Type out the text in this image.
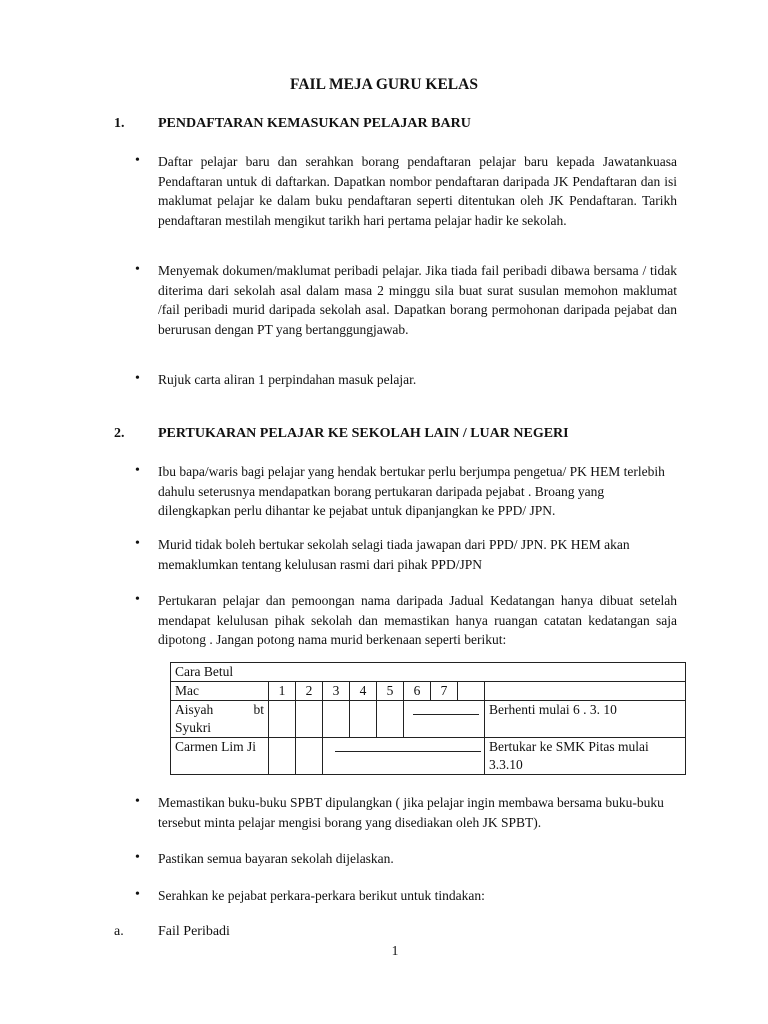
FAIL MEJA GURU KELAS
1. PENDAFTARAN KEMASUKAN PELAJAR BARU
• Daftar pelajar baru dan serahkan borang pendaftaran pelajar baru kepada Jawatankuasa Pendaftaran untuk di daftarkan. Dapatkan nombor pendaftaran daripada JK Pendaftaran dan isi maklumat pelajar ke dalam buku pendaftaran seperti ditentukan oleh JK Pendaftaran. Tarikh pendaftaran mestilah mengikut tarikh hari pertama pelajar hadir ke sekolah.
• Menyemak dokumen/maklumat peribadi pelajar. Jika tiada fail peribadi dibawa bersama / tidak diterima dari sekolah asal dalam masa 2 minggu sila buat surat susulan memohon maklumat /fail peribadi murid daripada sekolah asal. Dapatkan borang permohonan daripada pejabat dan berurusan dengan PT yang bertanggungjawab.
• Rujuk carta aliran 1 perpindahan masuk pelajar.
2. PERTUKARAN PELAJAR KE SEKOLAH LAIN / LUAR NEGERI
• Ibu bapa/waris bagi pelajar yang hendak bertukar perlu berjumpa pengetua/ PK HEM terlebih dahulu seterusnya mendapatkan borang pertukaran daripada pejabat . Broang yang dilengkapkan perlu dihantar ke pejabat untuk dipanjangkan ke PPD/ JPN.
• Murid tidak boleh bertukar sekolah selagi tiada jawapan dari PPD/ JPN. PK HEM akan memaklumkan tentang kelulusan rasmi dari pihak PPD/JPN
• Pertukaran pelajar dan pemoongan nama daripada Jadual Kedatangan hanya dibuat setelah mendapat kelulusan pihak sekolah dan memastikan hanya ruangan catatan kedatangan saja dipotong . Jangan potong nama murid berkenaan seperti berikut:
Cara Betul									
Mac	1	2	3	4	5	6	7		
Aisyah bt Syukri									Berhenti mulai 6 . 3. 10
Carmen Lim Ji									Bertukar ke SMK Pitas mulai 3.3.10
• Memastikan buku-buku SPBT dipulangkan ( jika pelajar ingin membawa bersama buku-buku tersebut minta pelajar mengisi borang yang disediakan oleh JK SPBT).
• Pastikan semua bayaran sekolah dijelaskan.
• Serahkan ke pejabat perkara-perkara berikut untuk tindakan:
a. Fail Peribadi
1
